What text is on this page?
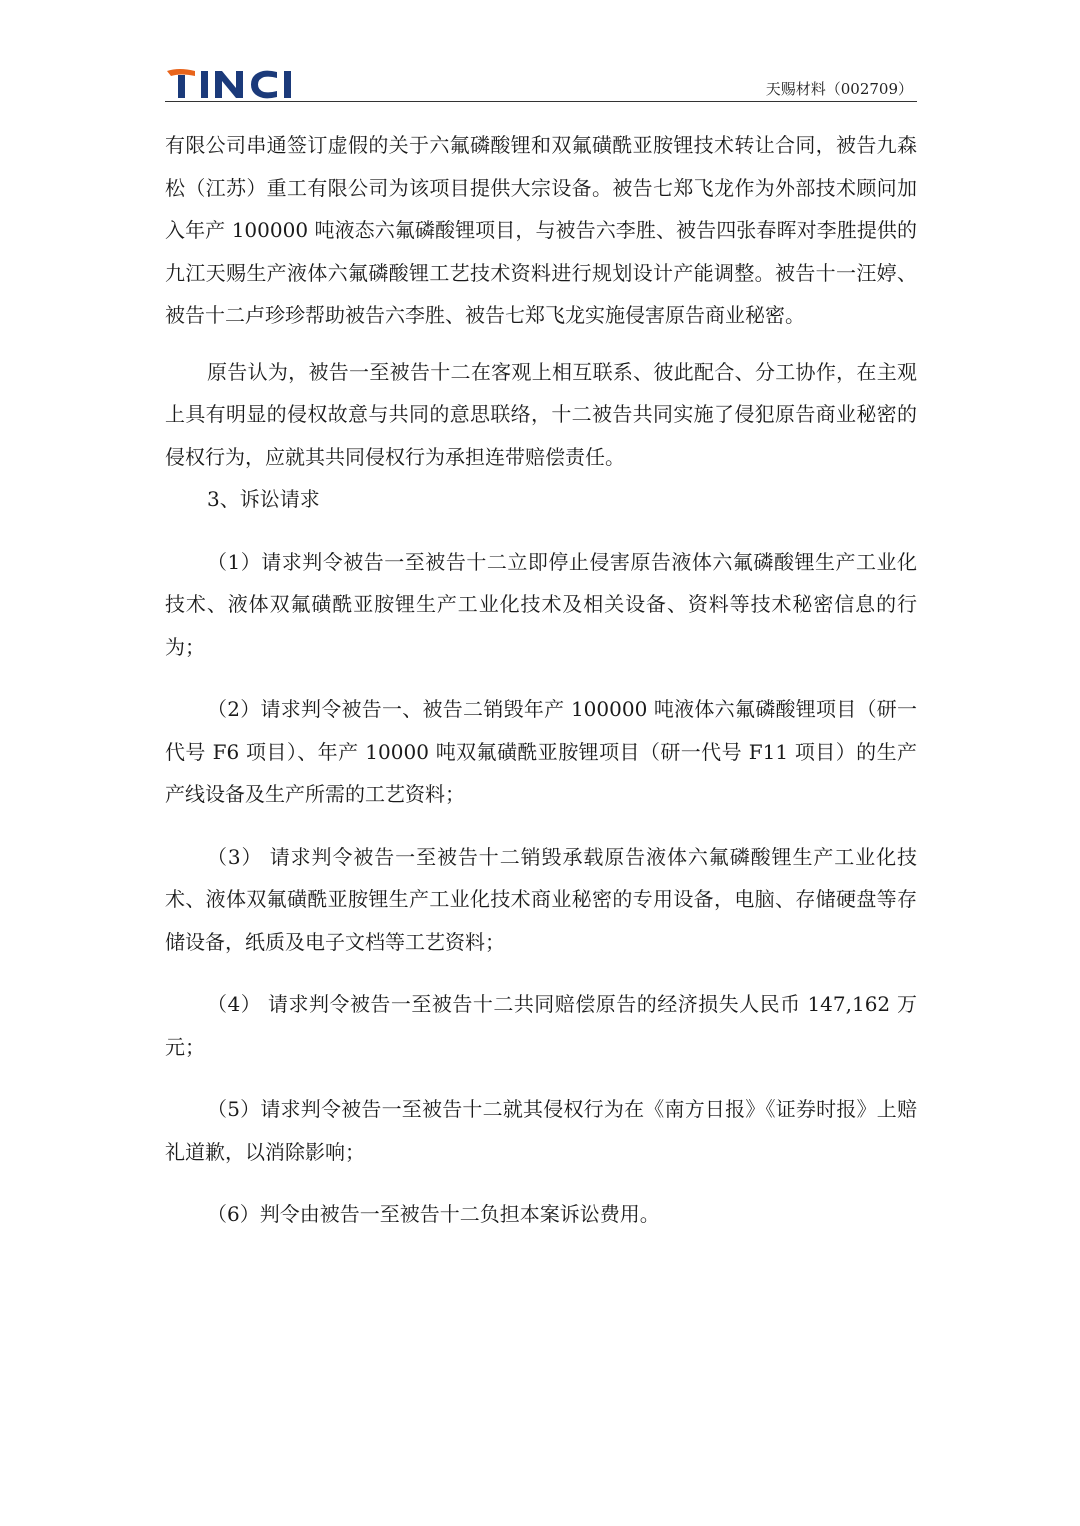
天赐材料（002709）

有限公司串通签订虚假的关于六氟磷酸锂和双氟磺酰亚胺锂技术转让合同，被告九森松（江苏）重工有限公司为该项目提供大宗设备。被告七郑飞龙作为外部技术顾问加入年产 100000 吨液态六氟磷酸锂项目，与被告六李胜、被告四张春晖对李胜提供的九江天赐生产液体六氟磷酸锂工艺技术资料进行规划设计产能调整。被告十一汪婷、被告十二卢珍珍帮助被告六李胜、被告七郑飞龙实施侵害原告商业秘密。

原告认为，被告一至被告十二在客观上相互联系、彼此配合、分工协作，在主观上具有明显的侵权故意与共同的意思联络，十二被告共同实施了侵犯原告商业秘密的侵权行为，应就其共同侵权行为承担连带赔偿责任。

3、诉讼请求

（1）请求判令被告一至被告十二立即停止侵害原告液体六氟磷酸锂生产工业化技术、液体双氟磺酰亚胺锂生产工业化技术及相关设备、资料等技术秘密信息的行为；

（2）请求判令被告一、被告二销毁年产 100000 吨液体六氟磷酸锂项目（研一代号 F6 项目）、年产 10000 吨双氟磺酰亚胺锂项目（研一代号 F11 项目）的生产产线设备及生产所需的工艺资料；

（3） 请求判令被告一至被告十二销毁承载原告液体六氟磷酸锂生产工业化技术、液体双氟磺酰亚胺锂生产工业化技术商业秘密的专用设备，电脑、存储硬盘等存储设备，纸质及电子文档等工艺资料；

（4） 请求判令被告一至被告十二共同赔偿原告的经济损失人民币 147,162 万元；

（5）请求判令被告一至被告十二就其侵权行为在《南方日报》《证券时报》上赔礼道歉，以消除影响；

（6）判令由被告一至被告十二负担本案诉讼费用。
